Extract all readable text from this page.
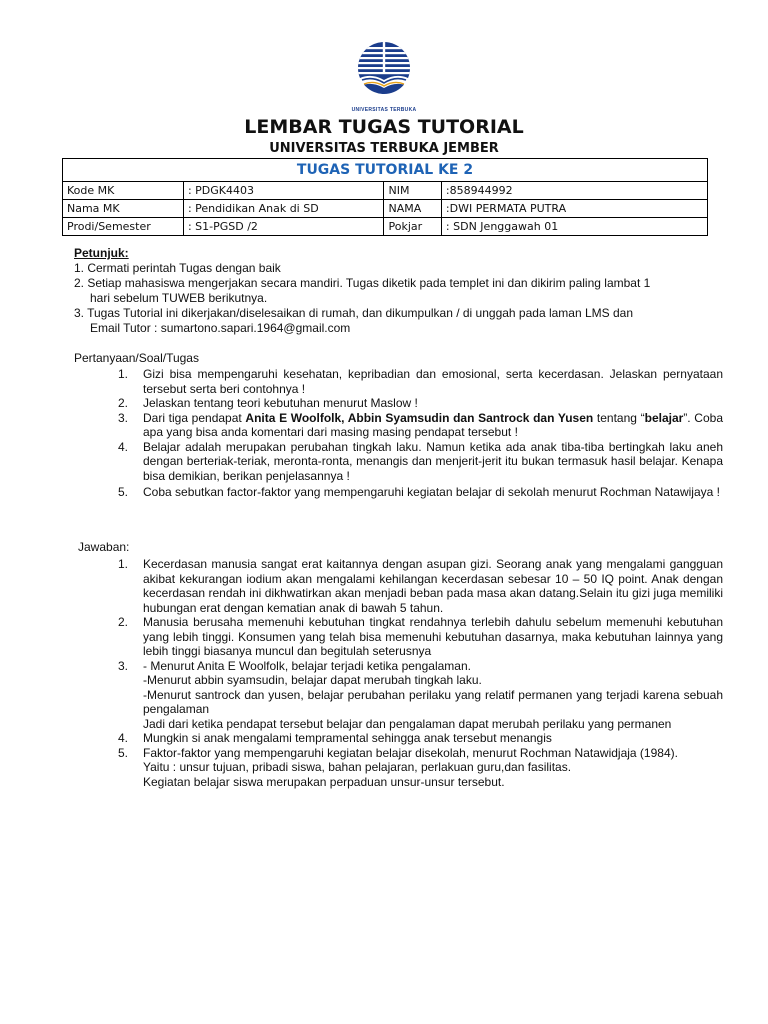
UNIVERSITAS TERBUKA
LEMBAR TUGAS TUTORIAL
UNIVERSITAS TERBUKA JEMBER
TUGAS TUTORIAL KE 2			
Kode MK	: PDGK4403	NIM	:858944992
Nama MK	: Pendidikan Anak di SD	NAMA	:DWI PERMATA PUTRA
Prodi/Semester	: S1-PGSD /2	Pokjar	: SDN Jenggawah 01

Petunjuk:

1. Cermati perintah Tugas dengan baik

2. Setiap mahasiswa mengerjakan secara mandiri. Tugas diketik pada templet ini dan dikirim paling lambat 1

hari sebelum TUWEB berikutnya.

3. Tugas Tutorial ini dikerjakan/diselesaikan di rumah, dan dikumpulkan / di unggah pada laman LMS dan

Email Tutor : sumartono.sapari.1964@gmail.com

Pertanyaan/Soal/Tugas
1. Gizi bisa mempengaruhi kesehatan, kepribadian dan emosional, serta kecerdasan. Jelaskan pernyataan tersebut serta beri contohnya !
2. Jelaskan tentang teori kebutuhan menurut Maslow !
3. Dari tiga pendapat Anita E Woolfolk, Abbin Syamsudin dan Santrock dan Yusen tentang “belajar”. Coba apa yang bisa anda komentari dari masing masing pendapat tersebut !
4. Belajar adalah merupakan perubahan tingkah laku. Namun ketika ada anak tiba-tiba bertingkah laku aneh dengan berteriak-teriak, meronta-ronta, menangis dan menjerit-jerit itu bukan termasuk hasil belajar. Kenapa bisa demikian, berikan penjelasannya !
5. Coba sebutkan factor-faktor yang mempengaruhi kegiatan belajar di sekolah menurut Rochman Natawijaya !
Jawaban:
1. Kecerdasan manusia sangat erat kaitannya dengan asupan gizi. Seorang anak yang mengalami gangguan akibat kekurangan iodium akan mengalami kehilangan kecerdasan sebesar 10 – 50 IQ point. Anak dengan kecerdasan rendah ini dikhwatirkan akan menjadi beban pada masa akan datang.Selain itu gizi juga memiliki hubungan erat dengan kematian anak di bawah 5 tahun.
2. Manusia berusaha memenuhi kebutuhan tingkat rendahnya terlebih dahulu sebelum memenuhi kebutuhan yang lebih tinggi. Konsumen yang telah bisa memenuhi kebutuhan dasarnya, maka kebutuhan lainnya yang lebih tinggi biasanya muncul dan begitulah seterusnya
3. - Menurut Anita E Woolfolk, belajar terjadi ketika pengalaman.
-Menurut abbin syamsudin, belajar dapat merubah tingkah laku.
-Menurut santrock dan yusen, belajar perubahan perilaku yang relatif permanen yang terjadi karena sebuah pengalaman
Jadi dari ketika pendapat tersebut belajar dan pengalaman dapat merubah perilaku yang permanen
4. Mungkin si anak mengalami tempramental sehingga anak tersebut menangis
5. Faktor-faktor yang mempengaruhi kegiatan belajar disekolah, menurut Rochman Natawidjaja (1984).
Yaitu : unsur tujuan, pribadi siswa, bahan pelajaran, perlakuan guru,dan fasilitas.
Kegiatan belajar siswa merupakan perpaduan unsur-unsur tersebut.
